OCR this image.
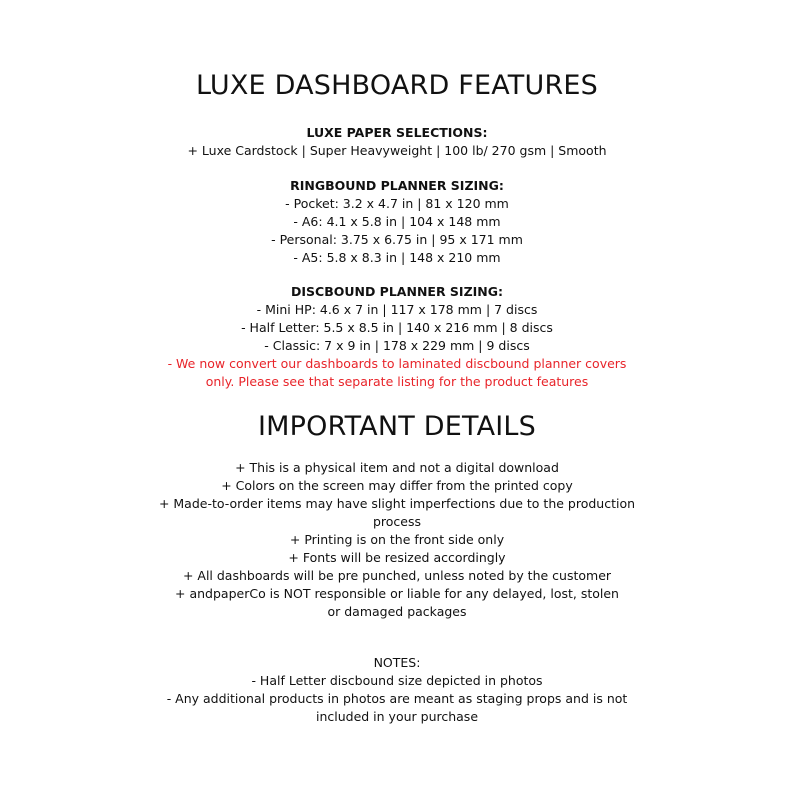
LUXE DASHBOARD FEATURES
LUXE PAPER SELECTIONS:
+ Luxe Cardstock | Super Heavyweight | 100 lb/ 270 gsm | Smooth
RINGBOUND PLANNER SIZING:
- Pocket: 3.2 x 4.7 in | 81 x 120 mm
- A6: 4.1 x 5.8 in | 104 x 148 mm
- Personal: 3.75 x 6.75 in | 95 x 171 mm
- A5: 5.8 x 8.3 in | 148 x 210 mm
DISCBOUND PLANNER SIZING:
- Mini HP: 4.6 x 7 in | 117 x 178 mm | 7 discs
- Half Letter: 5.5 x 8.5 in | 140 x 216 mm | 8 discs
- Classic: 7 x 9 in | 178 x 229 mm | 9 discs
- We now convert our dashboards to laminated discbound planner covers
only. Please see that separate listing for the product features
IMPORTANT DETAILS
+ This is a physical item and not a digital download
+ Colors on the screen may differ from the printed copy
+ Made-to-order items may have slight imperfections due to the production
process
+ Printing is on the front side only
+ Fonts will be resized accordingly
+ All dashboards will be pre punched, unless noted by the customer
+ andpaperCo is NOT responsible or liable for any delayed, lost, stolen
or damaged packages
NOTES:
- Half Letter discbound size depicted in photos
- Any additional products in photos are meant as staging props and is not
included in your purchase
